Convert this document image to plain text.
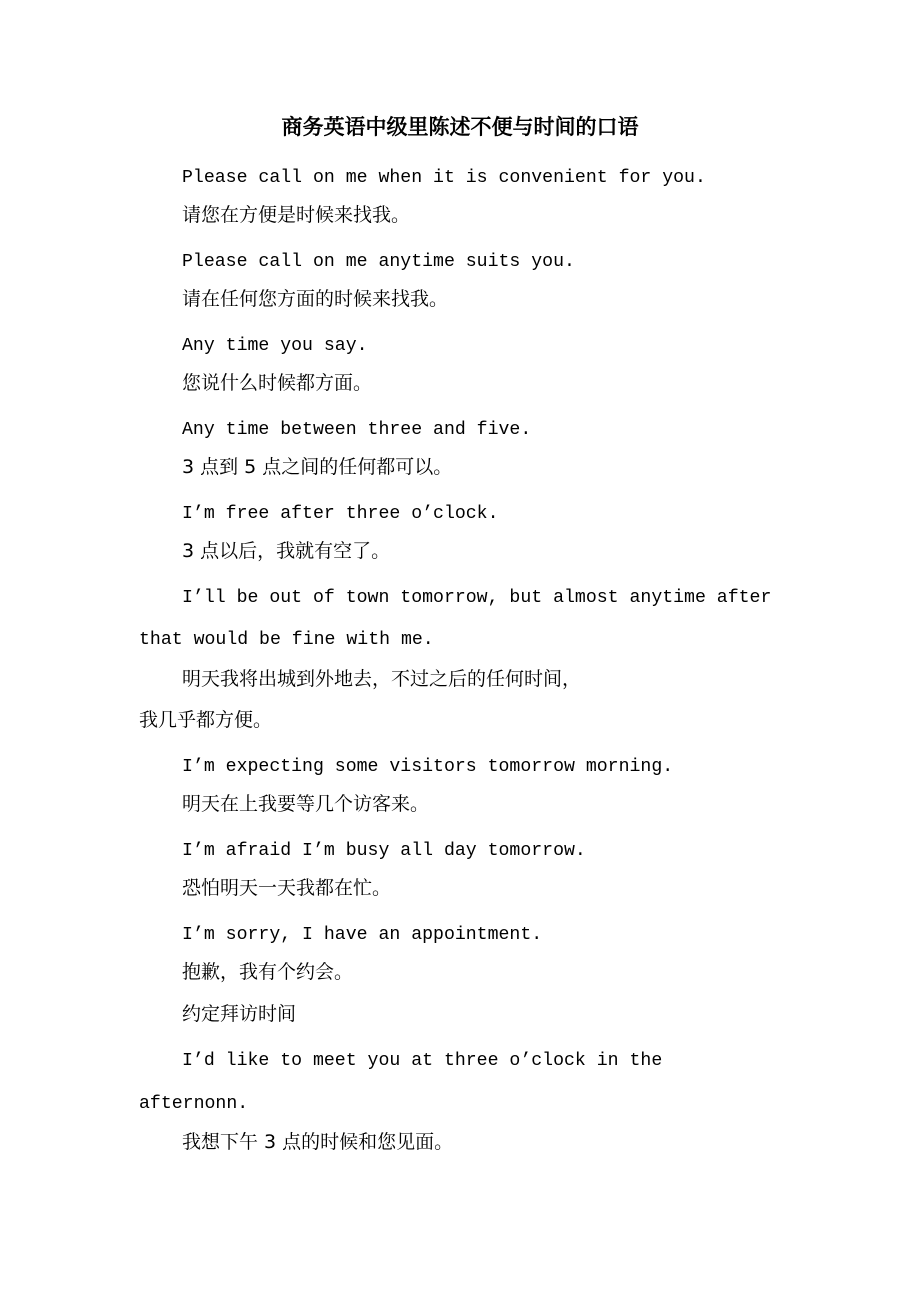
商务英语中级里陈述不便与时间的口语

Please call on me when it is convenient for you.

请您在方便是时候来找我。

Please call on me anytime suits you.

请在任何您方面的时候来找我。

Any time you say.

您说什么时候都方面。

Any time between three and five.

3 点到 5 点之间的任何都可以。

I’m free after three o’clock.

3 点以后，我就有空了。

I’ll be out of town tomorrow, but almost anytime after

that would be fine with me.

明天我将出城到外地去，不过之后的任何时间，

我几乎都方便。

I’m expecting some visitors tomorrow morning.

明天在上我要等几个访客来。

I’m afraid I’m busy all day tomorrow.

恐怕明天一天我都在忙。

I’m sorry, I have an appointment.

抱歉，我有个约会。

约定拜访时间

I’d like to meet you at three o’clock in the

afternonn.

我想下午 3 点的时候和您见面。
